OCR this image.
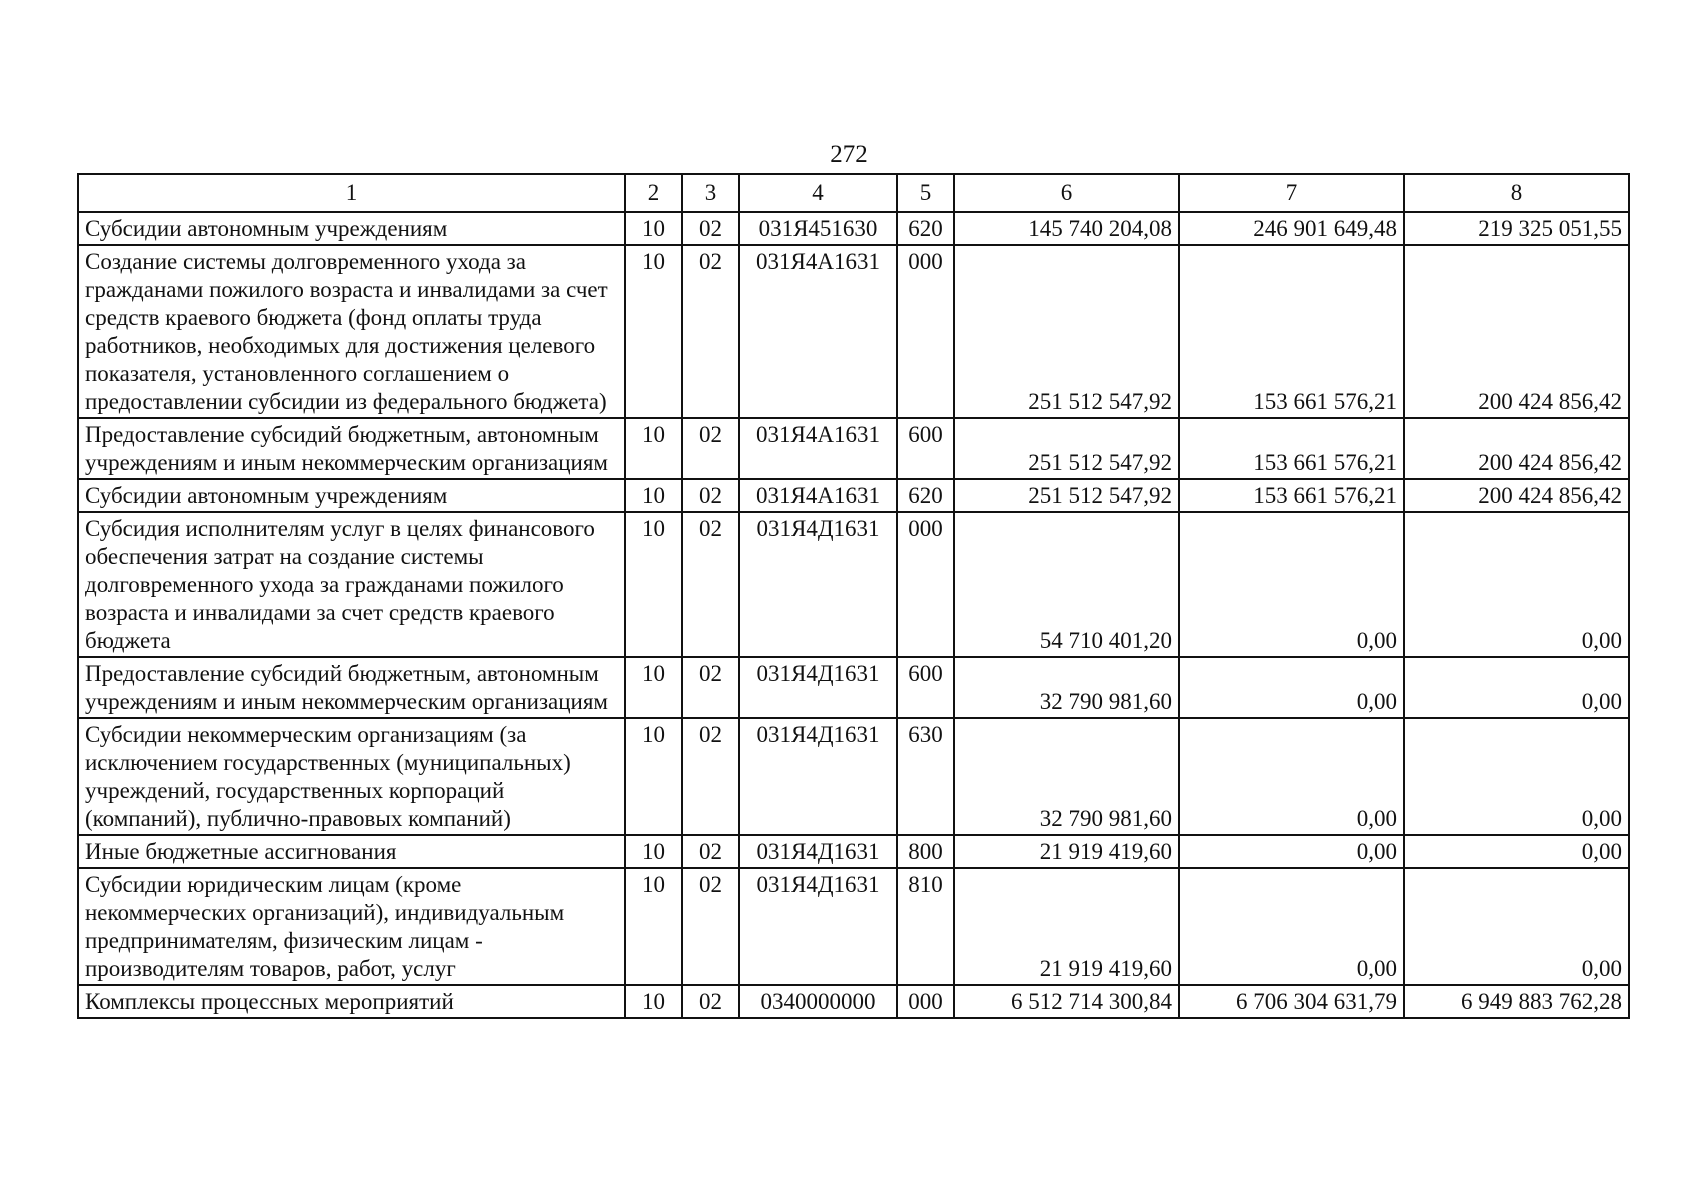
272
1	2	3	4	5	6	7	8
Субсидии автономным учреждениям	10	02	031Я451630	620	145 740 204,08	246 901 649,48	219 325 051,55
Создание системы долговременного ухода за гражданами пожилого возраста и инвалидами за счет средств краевого бюджета (фонд оплаты труда работников, необходимых для достижения целевого показателя, установленного соглашением о предоставлении субсидии из федерального бюджета)	10	02	031Я4А1631	000	251 512 547,92	153 661 576,21	200 424 856,42
Предоставление субсидий бюджетным, автономным учреждениям и иным некоммерческим организациям	10	02	031Я4А1631	600	251 512 547,92	153 661 576,21	200 424 856,42
Субсидии автономным учреждениям	10	02	031Я4А1631	620	251 512 547,92	153 661 576,21	200 424 856,42
Субсидия исполнителям услуг в целях финансового обеспечения затрат на создание системы долговременного ухода за гражданами пожилого возраста и инвалидами за счет средств краевого бюджета	10	02	031Я4Д1631	000	54 710 401,20	0,00	0,00
Предоставление субсидий бюджетным, автономным учреждениям и иным некоммерческим организациям	10	02	031Я4Д1631	600	32 790 981,60	0,00	0,00
Субсидии некоммерческим организациям (за исключением государственных (муниципальных) учреждений, государственных корпораций (компаний), публично-правовых компаний)	10	02	031Я4Д1631	630	32 790 981,60	0,00	0,00
Иные бюджетные ассигнования	10	02	031Я4Д1631	800	21 919 419,60	0,00	0,00
Субсидии юридическим лицам (кроме некоммерческих организаций), индивидуальным предпринимателям, физическим лицам - производителям товаров, работ, услуг	10	02	031Я4Д1631	810	21 919 419,60	0,00	0,00
Комплексы процессных мероприятий	10	02	0340000000	000	6 512 714 300,84	6 706 304 631,79	6 949 883 762,28
